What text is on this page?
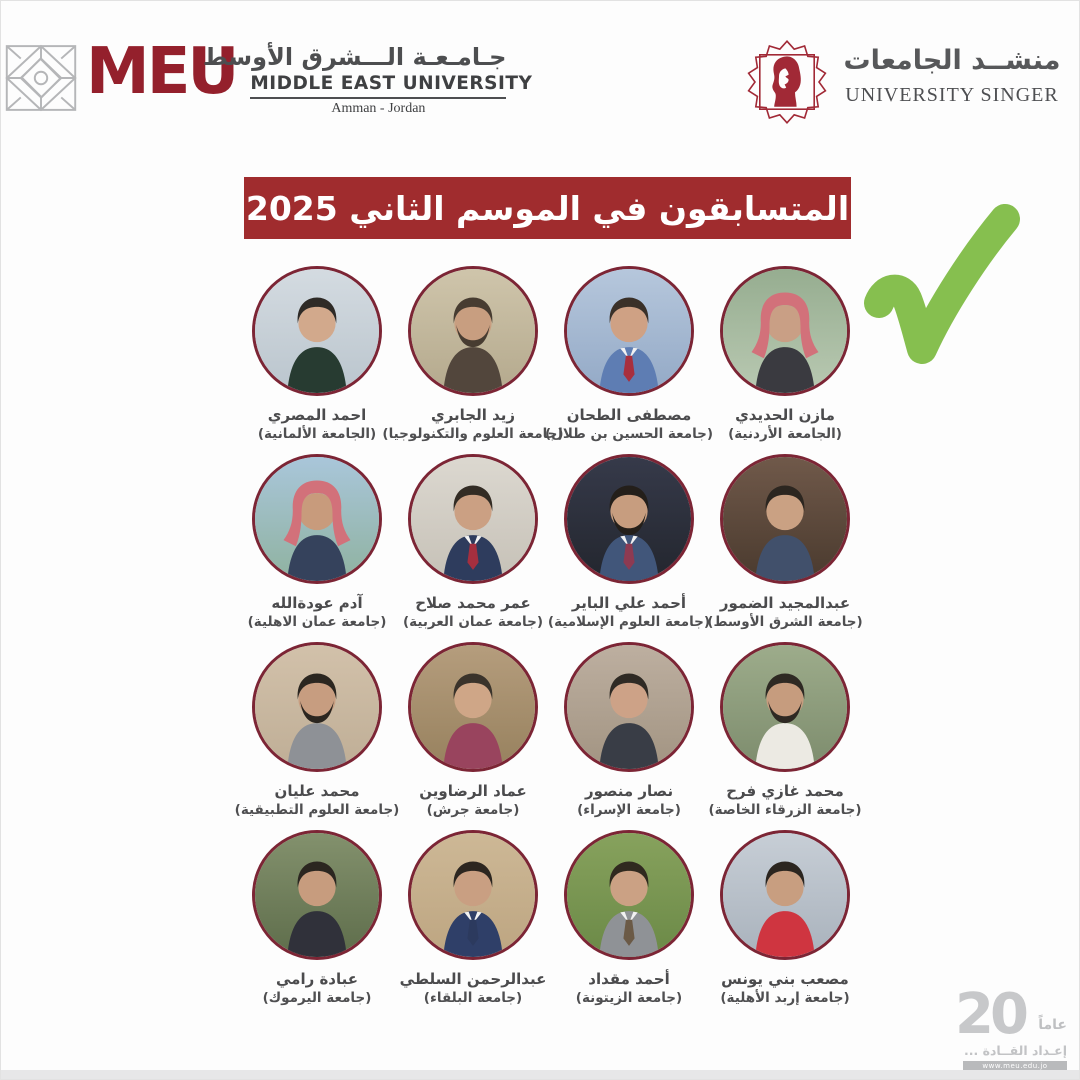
MEU
جـامـعـة الـــشرق الأوسط
MIDDLE EAST UNIVERSITY
Amman - Jordan
منشــد الجامعات
UNIVERSITY SINGER
المتسابقون في الموسم الثاني 2025
مازن الحديدي
(الجامعة الأردنية)
مصطفى الطحان
(جامعة الحسين بن طلال)
زيد الجابري
(جامعة العلوم والتكنولوجيا)
احمد المصري
(الجامعة الألمانية)
عبدالمجيد الضمور
(جامعة الشرق الأوسط)
أحمد علي الباير
(جامعة العلوم الإسلامية)
عمر محمد صلاح
(جامعة عمان العربية)
آدم عودةالله
(جامعة عمان الاهلية)
محمد غازي فرح
(جامعة الزرقاء الخاصة)
نصار منصور
(جامعة الإسراء)
عماد الرضاوين
(جامعة جرش)
محمد عليان
(جامعة العلوم التطبيقية)
مصعب بني يونس
(جامعة إربد الأهلية)
أحمد مقداد
(جامعة الزيتونة)
عبدالرحمن السلطي
(جامعة البلقاء)
عبادة رامي
(جامعة اليرموك)	20 عاماً
إعـداد القــادة ...
www.meu.edu.jo
